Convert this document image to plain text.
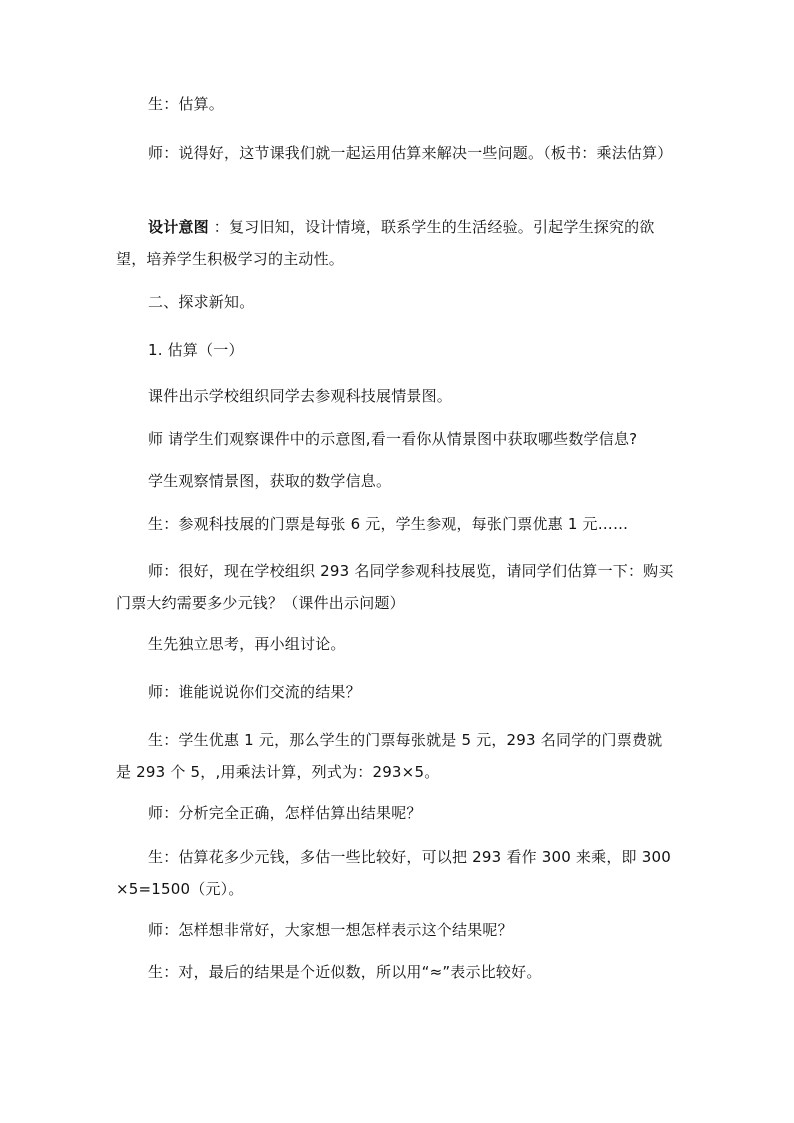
生：估算。

师：说得好，这节课我们就一起运用估算来解决一些问题。（板书：乘法估算）

设计意图 ：复习旧知，设计情境，联系学生的生活经验。引起学生探究的欲望，培养学生积极学习的主动性。

二、探求新知。

1. 估算（一）

课件出示学校组织同学去参观科技展情景图。

师 请学生们观察课件中的示意图,看一看你从情景图中获取哪些数学信息?

学生观察情景图，获取的数学信息。

生：参观科技展的门票是每张 6 元，学生参观，每张门票优惠 1 元……

师：很好，现在学校组织 293 名同学参观科技展览，请同学们估算一下：购买门票大约需要多少元钱？（课件出示问题）

生先独立思考，再小组讨论。

师：谁能说说你们交流的结果？

生：学生优惠 1 元，那么学生的门票每张就是 5 元，293 名同学的门票费就是 293 个 5，,用乘法计算，列式为：293×5。

师：分析完全正确，怎样估算出结果呢？

生：估算花多少元钱，多估一些比较好，可以把 293 看作 300 来乘，即 300×5=1500（元）。

师：怎样想非常好，大家想一想怎样表示这个结果呢？

生：对，最后的结果是个近似数，所以用“≈”表示比较好。
